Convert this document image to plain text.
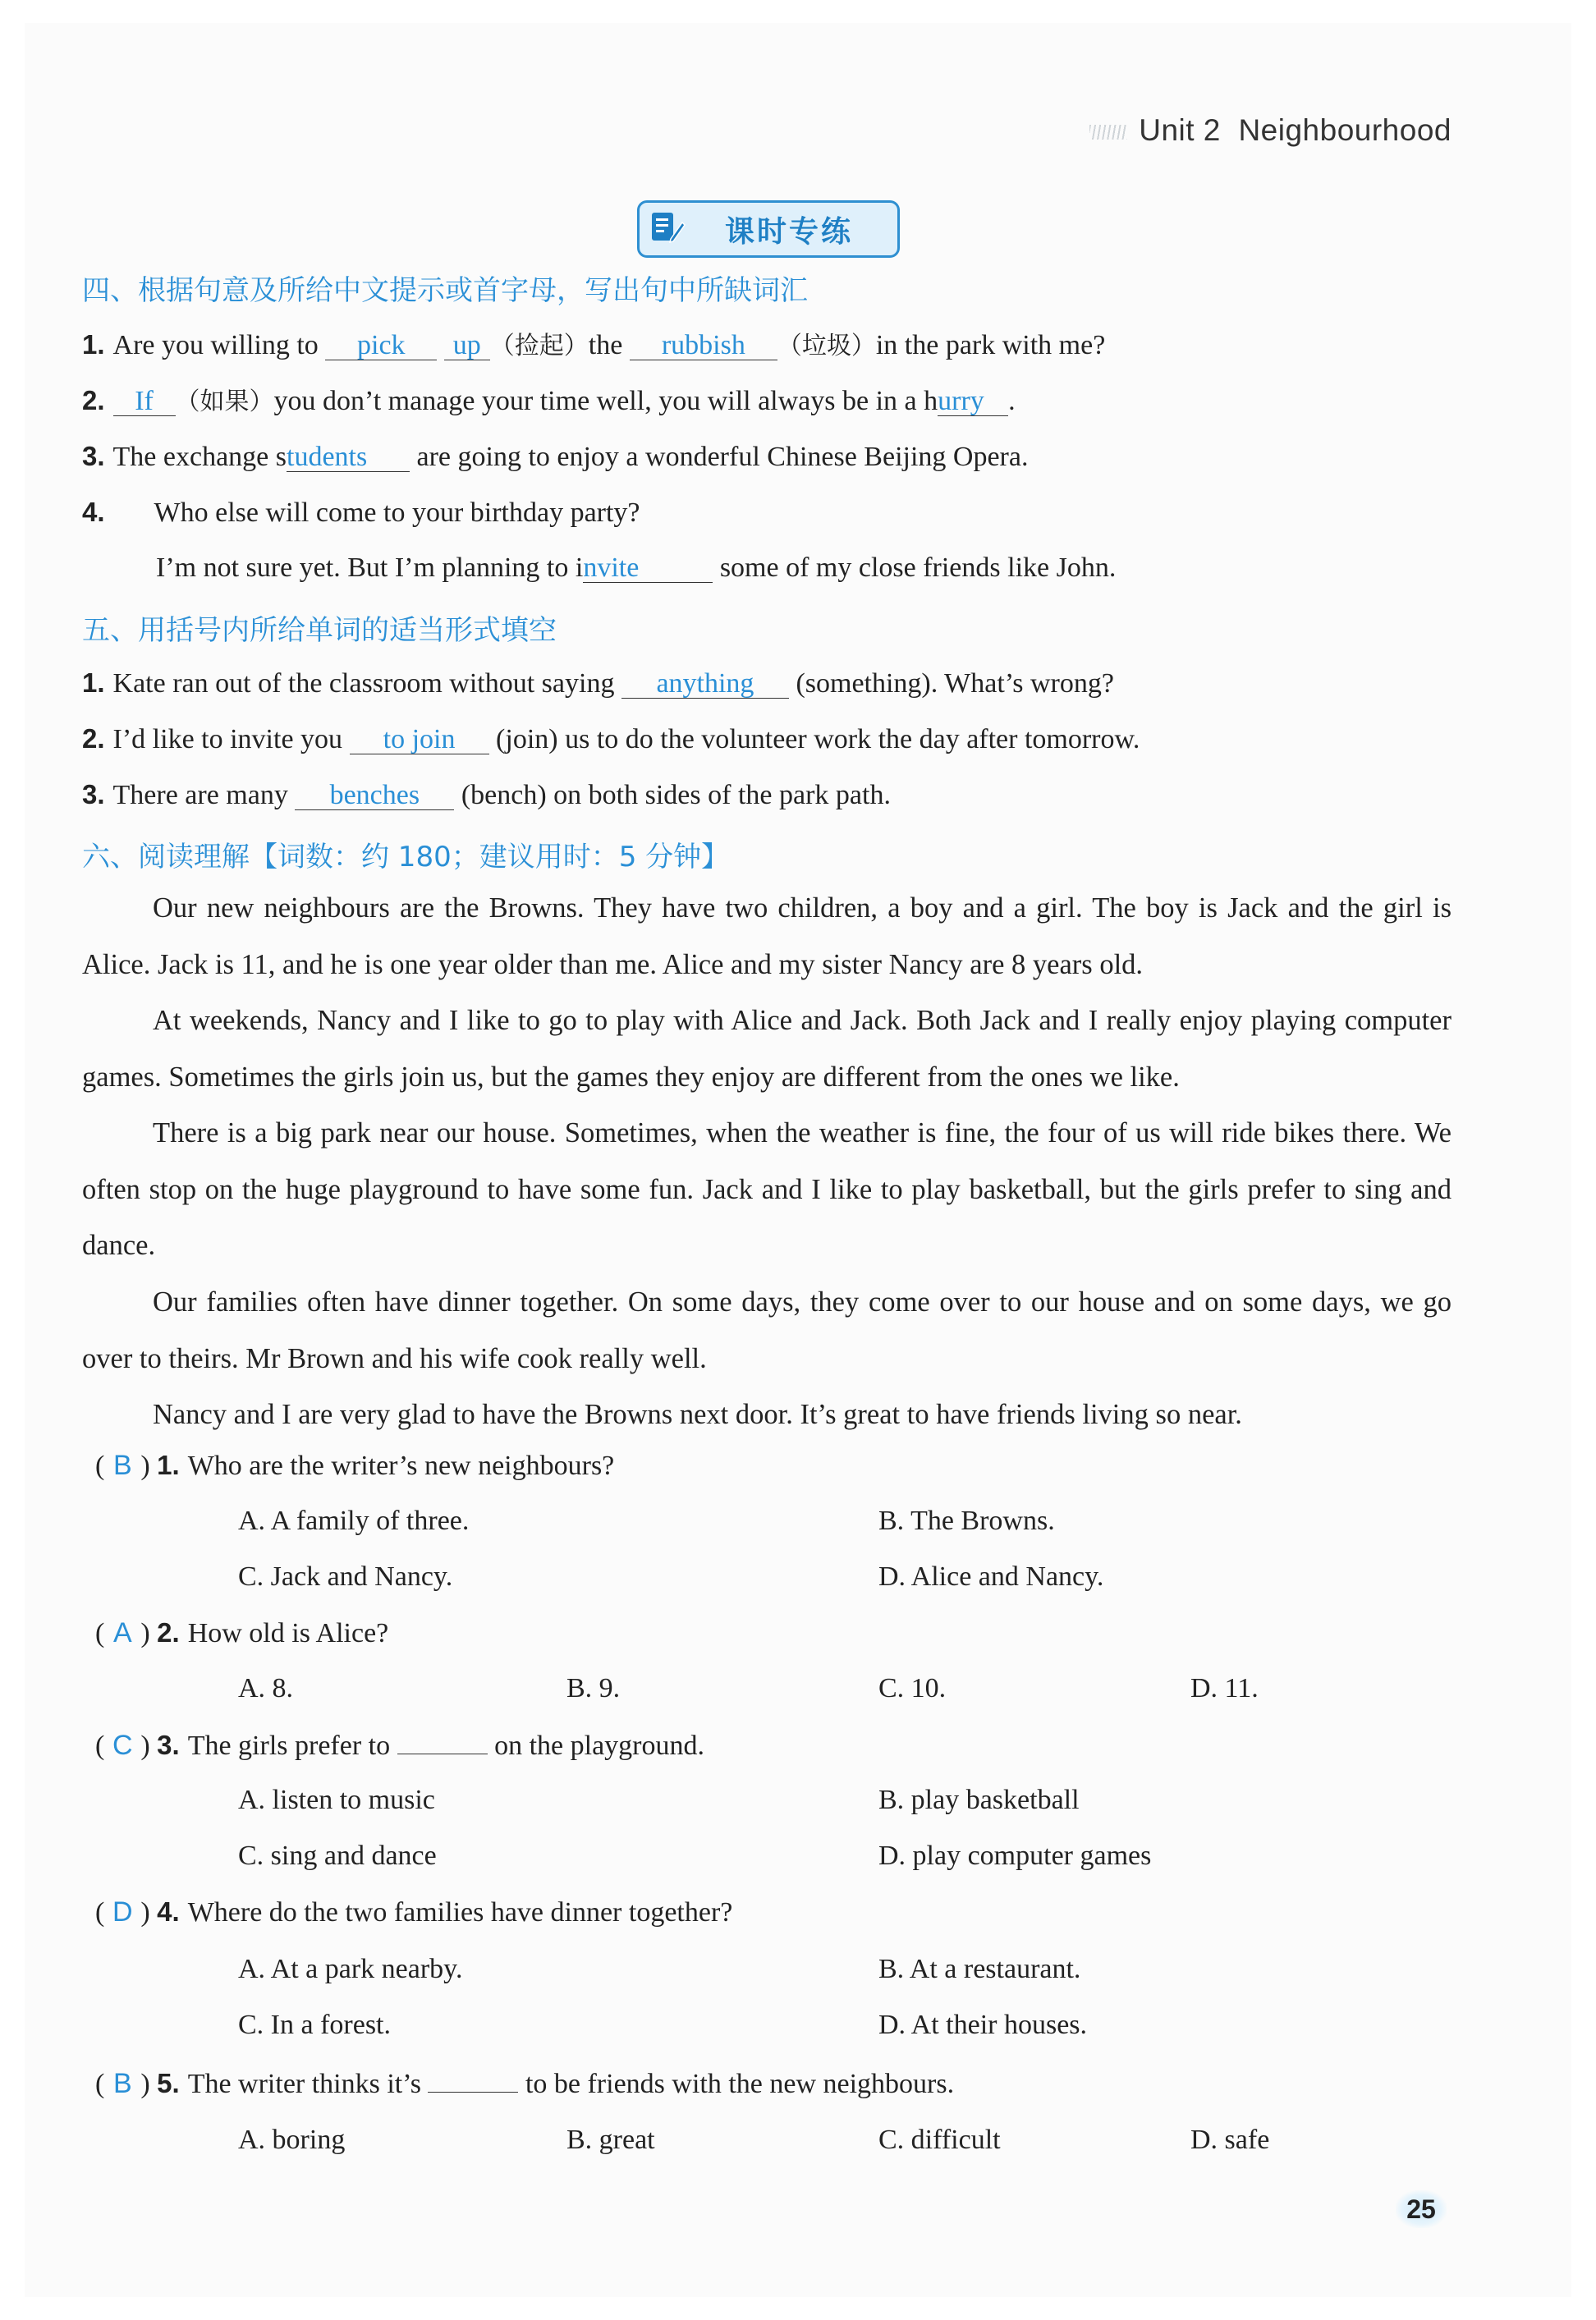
Unit 2 Neighbourhood
课时专练
四、根据句意及所给中文提示或首字母，写出句中所缺词汇
1. Are you willing to pick up （捡起）the rubbish （垃圾）in the park with me?
2. If （如果）you don’t manage your time well, you will always be in a hurry .
3. The exchange students are going to enjoy a wonderful Chinese Beijing Opera.
4. Who else will come to your birthday party?
I’m not sure yet. But I’m planning to invite	some of my close friends like John.
五、用括号内所给单词的适当形式填空
1. Kate ran out of the classroom without saying anything (something). What’s wrong?
2. I’d like to invite you to join (join) us to do the volunteer work the day after tomorrow.
3. There are many benches (bench) on both sides of the park path.
六、阅读理解【词数：约 180；建议用时：5 分钟】
Our new neighbours are the Browns. They have two children, a boy and a girl. The boy is Jack and the girl is Alice. Jack is 11, and he is one year older than me. Alice and my sister Nancy are 8 years old.
At weekends, Nancy and I like to go to play with Alice and Jack. Both Jack and I really enjoy playing computer games. Sometimes the girls join us, but the games they enjoy are different from the ones we like.
There is a big park near our house. Sometimes, when the weather is fine, the four of us will ride bikes there. We often stop on the huge playground to have some fun. Jack and I like to play basketball, but the girls prefer to sing and dance.
Our families often have dinner together. On some days, they come over to our house and on some days, we go over to theirs. Mr Brown and his wife cook really well.
Nancy and I are very glad to have the Browns next door. It’s great to have friends living so near.
( B ) 1. Who are the writer’s new neighbours?
A. A family of three.	B. The Browns.
C. Jack and Nancy.	D. Alice and Nancy.
( A ) 2. How old is Alice?
A. 8.	B. 9.	C. 10.	D. 11.
( C ) 3. The girls prefer to	on the playground.
A. listen to music	B. play basketball
C. sing and dance	D. play computer games
( D ) 4. Where do the two families have dinner together?
A. At a park nearby.	B. At a restaurant.
C. In a forest.	D. At their houses.
( B ) 5. The writer thinks it’s	to be friends with the new neighbours.
A. boring	B. great	C. difficult	D. safe
25
